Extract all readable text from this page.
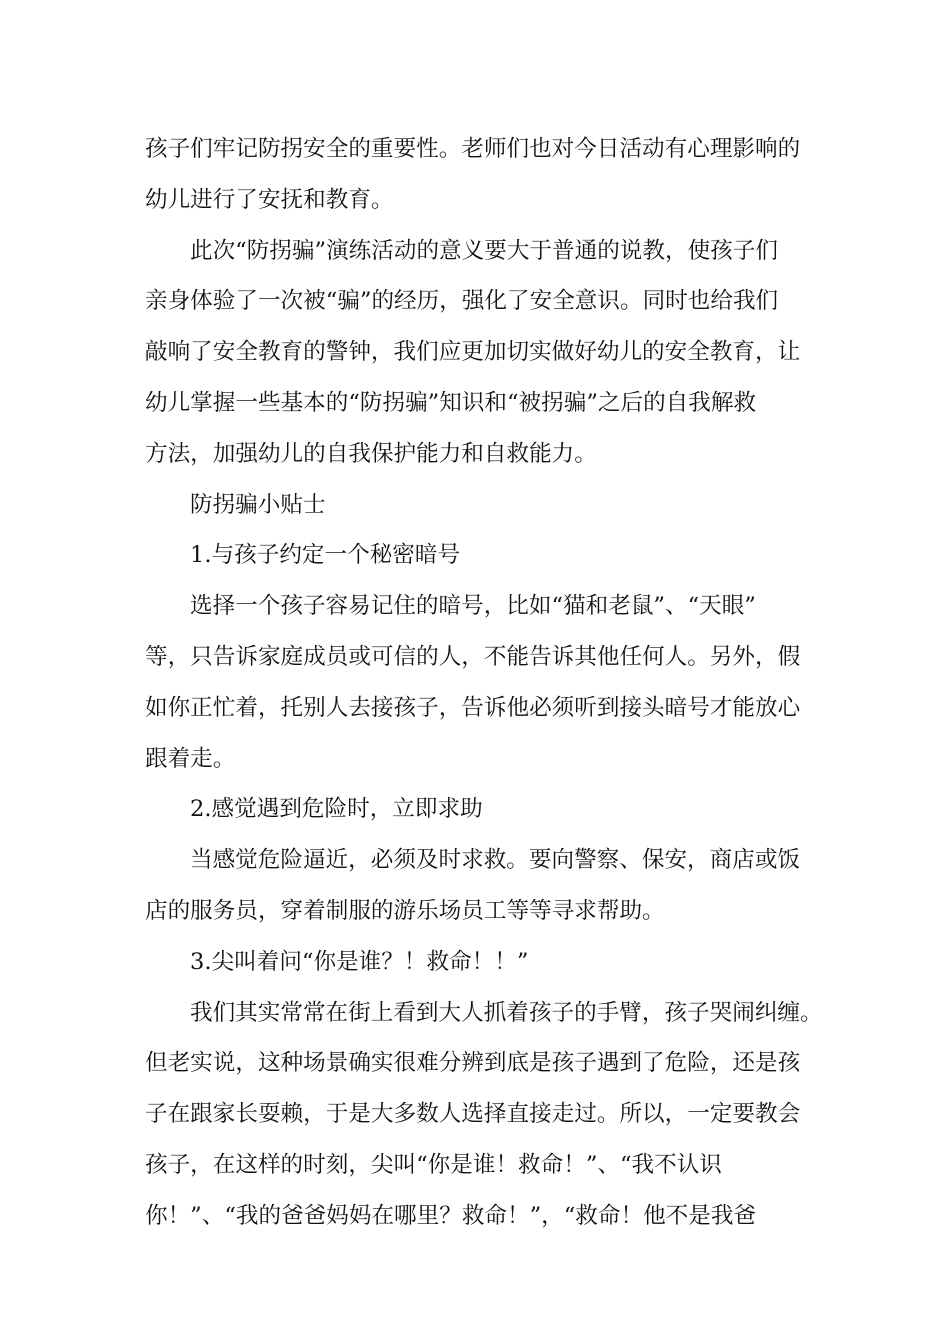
孩子们牢记防拐安全的重要性。老师们也对今日活动有心理影响的
幼儿进行了安抚和教育。
此次“防拐骗”演练活动的意义要大于普通的说教，使孩子们
亲身体验了一次被“骗”的经历，强化了安全意识。同时也给我们
敲响了安全教育的警钟，我们应更加切实做好幼儿的安全教育，让
幼儿掌握一些基本的“防拐骗”知识和“被拐骗”之后的自我解救
方法，加强幼儿的自我保护能力和自救能力。
防拐骗小贴士
1.与孩子约定一个秘密暗号
选择一个孩子容易记住的暗号，比如“猫和老鼠”、“天眼”
等，只告诉家庭成员或可信的人，不能告诉其他任何人。另外，假
如你正忙着，托别人去接孩子，告诉他必须听到接头暗号才能放心
跟着走。
2.感觉遇到危险时，立即求助
当感觉危险逼近，必须及时求救。要向警察、保安，商店或饭
店的服务员，穿着制服的游乐场员工等等寻求帮助。
3.尖叫着问“你是谁？！救命！！”
我们其实常常在街上看到大人抓着孩子的手臂，孩子哭闹纠缠。
但老实说，这种场景确实很难分辨到底是孩子遇到了危险，还是孩
子在跟家长耍赖，于是大多数人选择直接走过。所以，一定要教会
孩子，在这样的时刻，尖叫“你是谁！救命！”、“我不认识
你！”、“我的爸爸妈妈在哪里？救命！”，“救命！他不是我爸
